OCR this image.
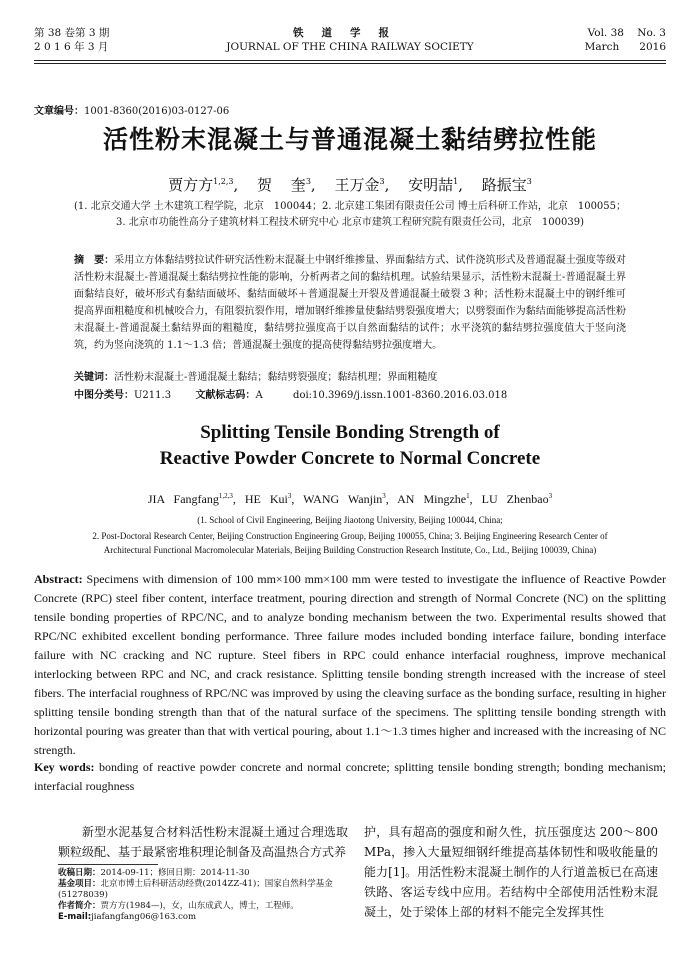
第 38 卷第 3 期
2 0 1 6 年 3 月
铁道学报
JOURNAL OF THE CHINA RAILWAY SOCIETY
Vol. 38    No. 3
March      2016
文章编号：1001-8360(2016)03-0127-06
活性粉末混凝土与普通混凝土黏结劈拉性能
贾方方$^{1,2,3}$, 贺 奎$^3$, 王万金$^3$, 安明喆$^1$, 路振宝$^3$
(1. 北京交通大学 土木建筑工程学院，北京　100044；2. 北京建工集团有限责任公司 博士后科研工作站，北京　100055；
3. 北京市功能性高分子建筑材料工程技术研究中心 北京市建筑工程研究院有限责任公司，北京　100039)
摘　要：采用立方体黏结劈拉试件研究活性粉末混凝土中钢纤维掺量、界面黏结方式、试件浇筑形式及普通混凝土强度等级对活性粉末混凝土-普通混凝土黏结劈拉性能的影响，分析两者之间的黏结机理。试验结果显示，活性粉末混凝土-普通混凝土界面黏结良好，破坏形式有黏结面破坏、黏结面破坏＋普通混凝土开裂及普通混凝土破裂 3 种；活性粉末混凝土中的钢纤维可提高界面粗糙度和机械咬合力，有阻裂抗裂作用，增加钢纤维掺量使黏结劈裂强度增大；以劈裂面作为黏结面能够提高活性粉末混凝土-普通混凝土黏结界面的粗糙度，黏结劈拉强度高于以自然面黏结的试件；水平浇筑的黏结劈拉强度值大于竖向浇筑，约为竖向浇筑的 1.1～1.3 倍；普通混凝土强度的提高使得黏结劈拉强度增大。
关键词：活性粉末混凝土-普通混凝土黏结；黏结劈裂强度；黏结机理；界面粗糙度
中图分类号：U211.3 文献标志码：A	doi:10.3969/j.issn.1001-8360.2016.03.018
Splitting Tensile Bonding Strength of
Reactive Powder Concrete to Normal Concrete
JIA Fangfang$^{1,2,3}$, HE Kui$^3$, WANG Wanjin$^3$, AN Mingzhe$^1$, LU Zhenbao$^3$
(1. School of Civil Engineering, Beijing Jiaotong University, Beijing 100044, China;
2. Post-Doctoral Research Center, Beijing Construction Engineering Group, Beijing 100055, China; 3. Beijing Engineering Research Center of
Architectural Functional Macromolecular Materials, Beijing Building Construction Research Institute, Co., Ltd., Beijing 100039, China)
Abstract: Specimens with dimension of 100 mm×100 mm×100 mm were tested to investigate the influence of Reactive Powder Concrete (RPC) steel fiber content, interface treatment, pouring direction and strength of Normal Concrete (NC) on the splitting tensile bonding properties of RPC/NC, and to analyze bonding mechanism between the two. Experimental results showed that RPC/NC exhibited excellent bonding performance. Three failure modes included bonding interface failure, bonding interface failure with NC cracking and NC rupture. Steel fibers in RPC could enhance interfacial roughness, improve mechanical interlocking between RPC and NC, and crack resistance. Splitting tensile bonding strength increased with the increase of steel fibers. The interfacial roughness of RPC/NC was improved by using the cleaving surface as the bonding surface, resulting in higher splitting tensile bonding strength than that of the natural surface of the specimens. The splitting tensile bonding strength with horizontal pouring was greater than that with vertical pouring, about 1.1～1.3 times higher and increased with the increasing of NC strength.
Key words: bonding of reactive powder concrete and normal concrete; splitting tensile bonding strength; bonding mechanism; interfacial roughness
新型水泥基复合材料活性粉末混凝土通过合理选取颗粒级配、基于最紧密堆积理论制备及高温热合方式养
收稿日期：2014-09-11；修回日期：2014-11-30
基金项目：北京市博士后科研活动经费(2014ZZ-41)；国家自然科学基金(51278039)
作者简介：贾方方(1984—)，女，山东成武人，博士，工程师。
E-mail:jiafangfang06@163.com
护，具有超高的强度和耐久性，抗压强度达 200～800 MPa，掺入大量短细钢纤维提高基体韧性和吸收能量的能力[1]。用活性粉末混凝土制作的人行道盖板已在高速铁路、客运专线中应用。若结构中全部使用活性粉末混凝土，处于梁体上部的材料不能完全发挥其性
